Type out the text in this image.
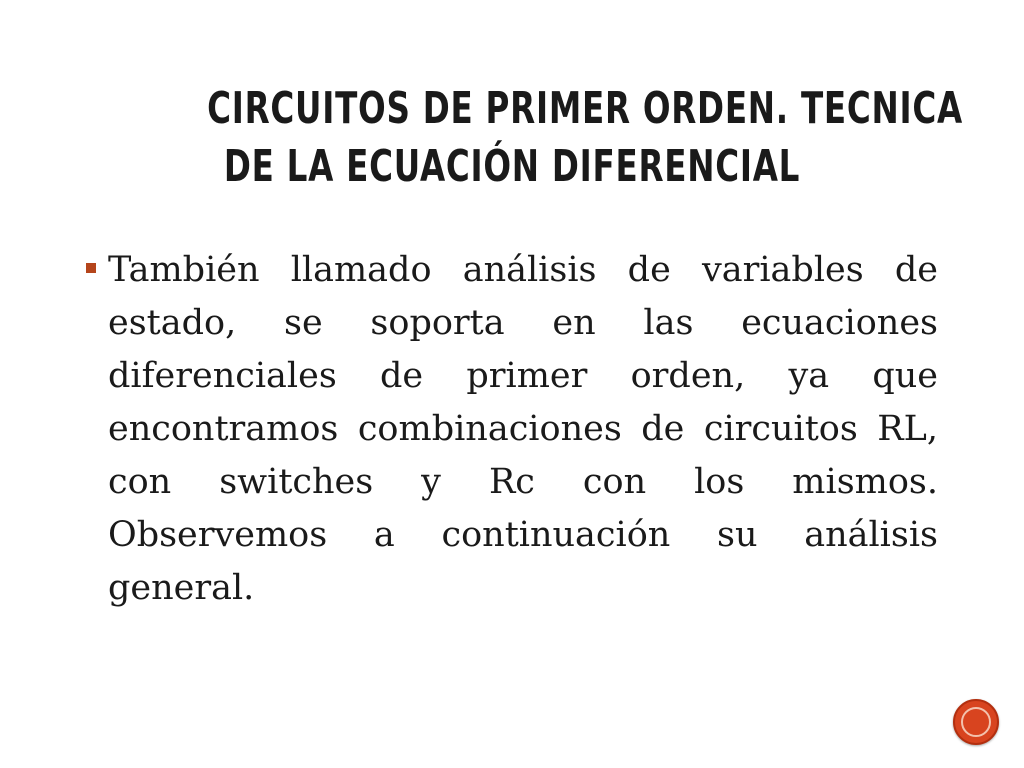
CIRCUITOS DE PRIMER ORDEN. TECNICA
DE LA ECUACIÓN DIFERENCIAL

También llamado análisis de variables de estado, se soporta en las ecuaciones diferenciales de primer orden, ya que encontramos combinaciones de circuitos RL, con switches y Rc con los mismos. Observemos a continuación su análisis general.
